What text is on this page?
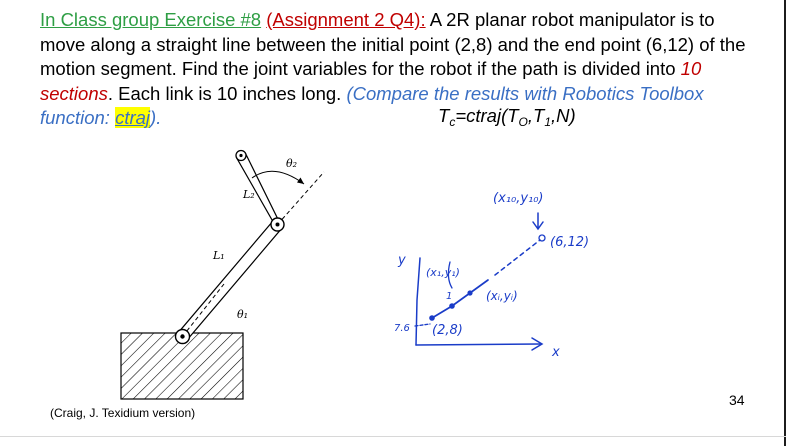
In Class group Exercise #8 (Assignment 2 Q4): A 2R planar robot manipulator is to move along a straight line between the initial point (2,8) and the end point (6,12) of the motion segment. Find the joint variables for the robot if the path is divided into 10 sections. Each link is 10 inches long. (Compare the results with Robotics Toolbox function: ctraj).	$T_c=ctraj(T_O,T_1,N)$
θ₂
L₂
L₁
θ₁
(x₁₀,y₁₀)
(6,12)
y
x
(x₁,y₁)
1	(xᵢ,yᵢ)
7.6 (2,8)
(Craig, J. Texidium version)
34
